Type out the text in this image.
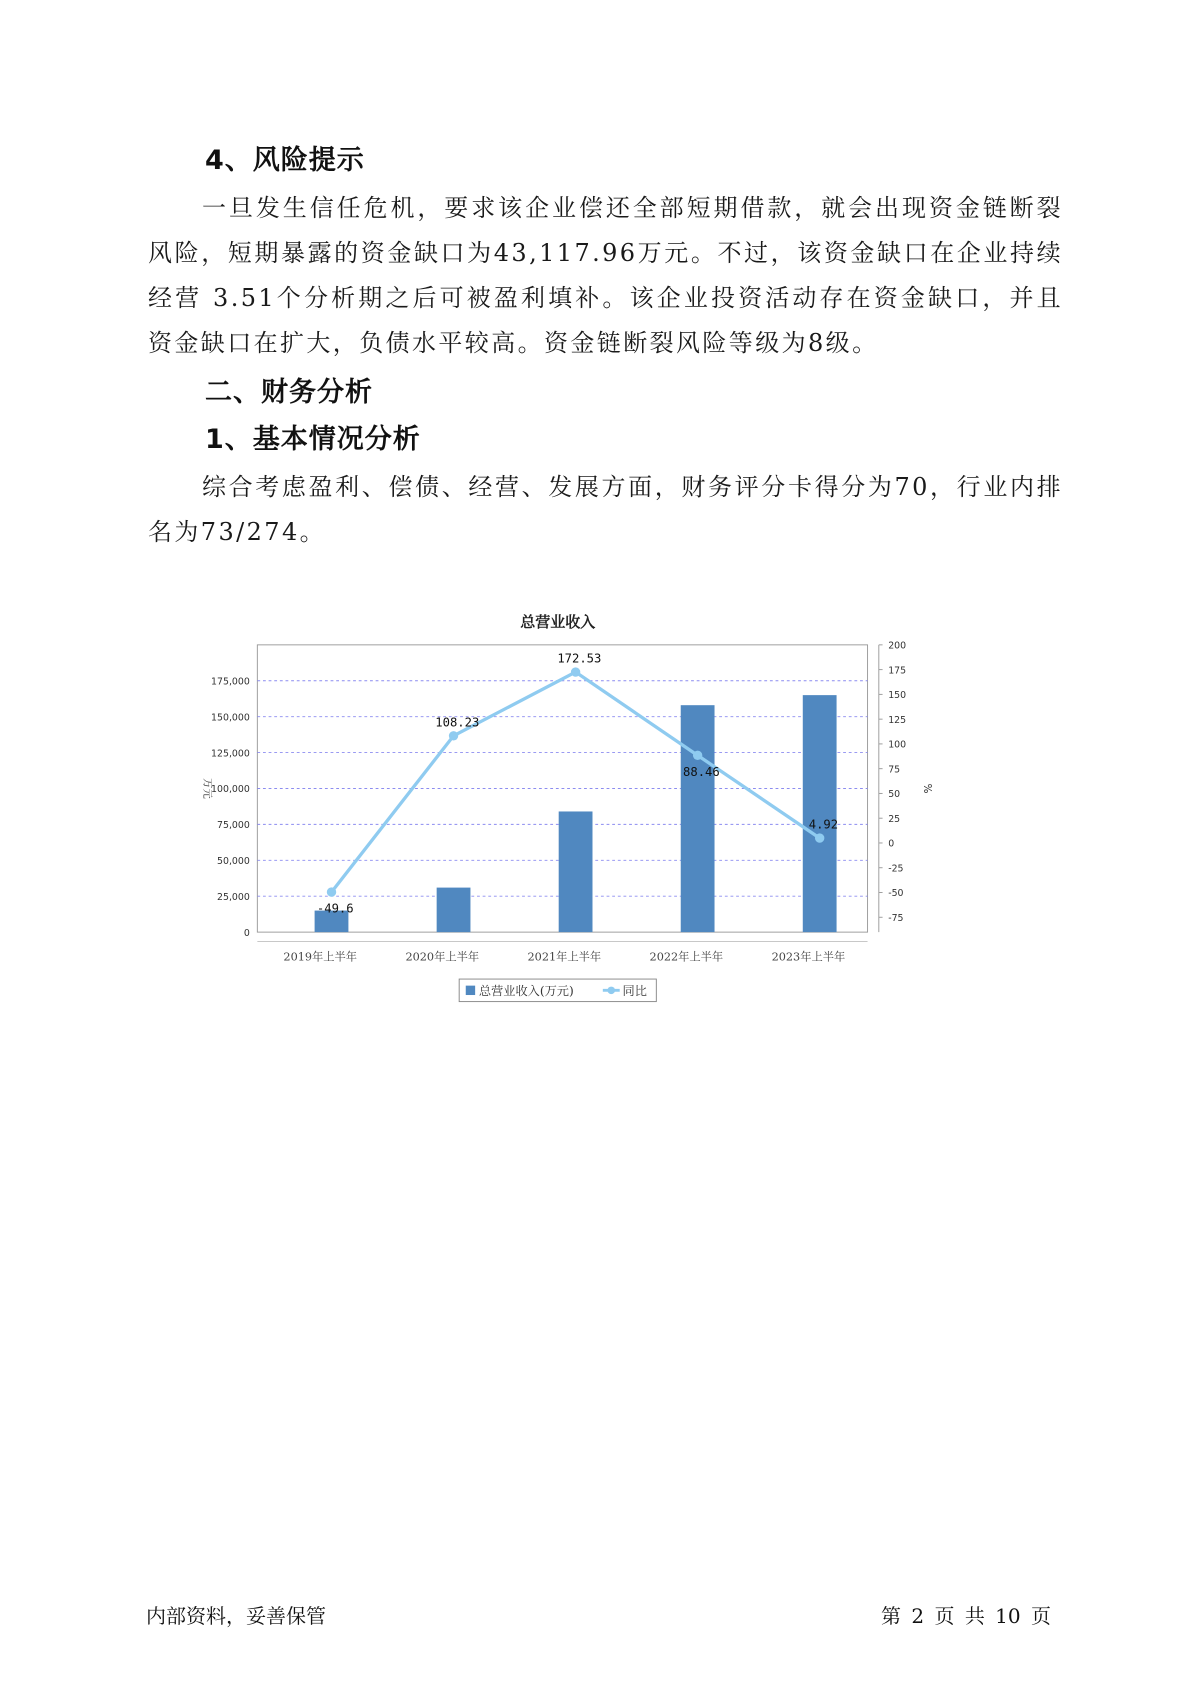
4、风险提示

一旦发生信任危机，要求该企业偿还全部短期借款，就会出现资金链断裂风险，短期暴露的资金缺口为43,117.96万元。不过，该资金缺口在企业持续经营 3.51个分析期之后可被盈利填补。该企业投资活动存在资金缺口，并且资金缺口在扩大，负债水平较高。资金链断裂风险等级为8级。

二、财务分析
1、基本情况分析

综合考虑盈利、偿债、经营、发展方面，财务评分卡得分为70，行业内排名为73/274。

总营业收入
0
25,000
50,000
75,000
100,000
125,000
150,000
175,000
-75
-50
-25
0
25
50
75
100
125
150
175
200
万元	%
2019年上半年	2020年上半年	2021年上半年	2022年上半年	2023年上半年
-49.6
108.23
172.53
88.46
4.92
总营业收入(万元)	同比
内部资料，妥善保管	第 2 页 共 10 页
